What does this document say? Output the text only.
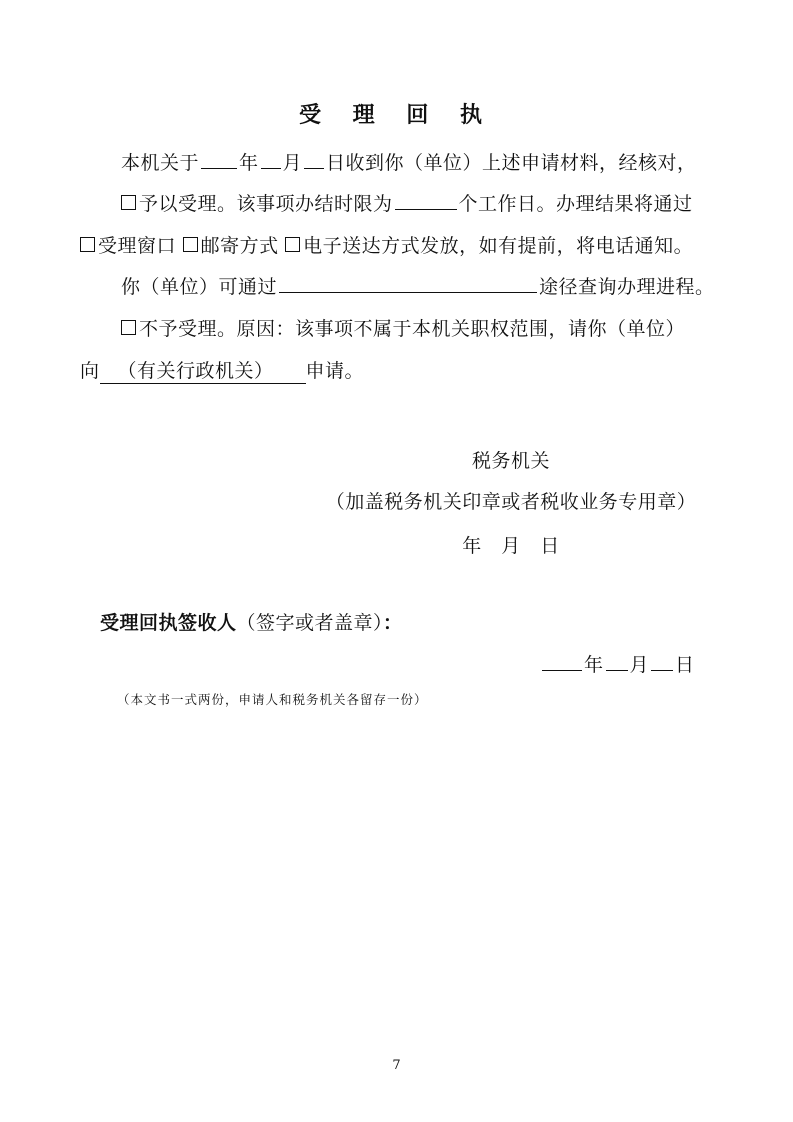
受 理 回 执
本机关于 年 月 日收到你（单位）上述申请材料，经核对，
予以受理。该事项办结时限为	个工作日。办理结果将通过
受理窗口 邮寄方式 电子送达方式发放，如有提前，将电话通知。
你（单位）可通过	途径查询办理进程。
不予受理。原因：该事项不属于本机关职权范围，请你（单位）
向 （有关行政机关） 申请。
税务机关
（加盖税务机关印章或者税收业务专用章）
年　月　日
受理回执签收人（签字或者盖章）：
年 月 日
（本文书一式两份，申请人和税务机关各留存一份）
7
